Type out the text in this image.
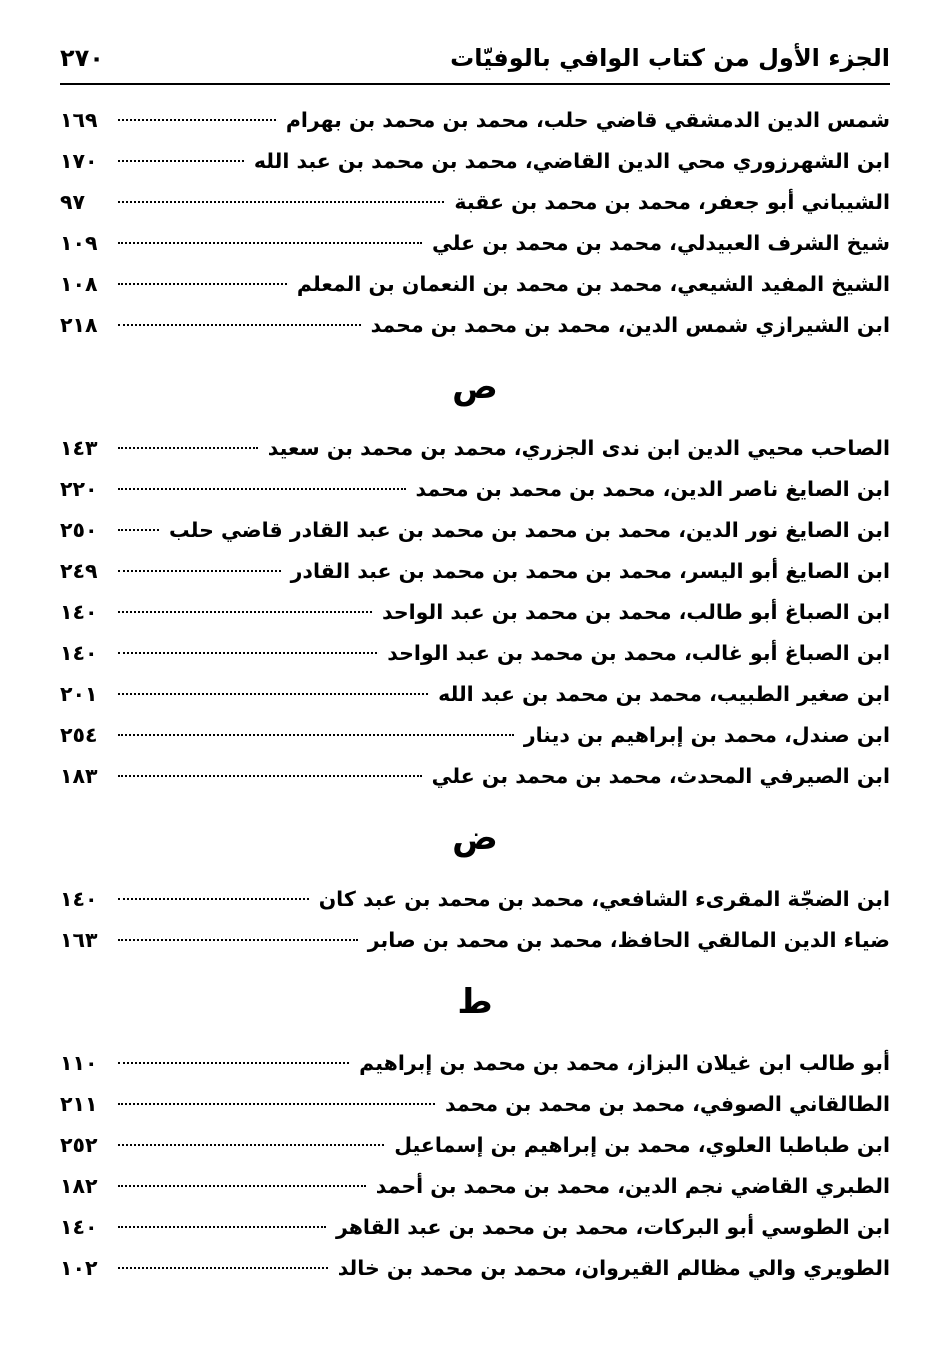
الجزء الأول من كتاب الوافي بالوفيّات
٢٧٠
شمس الدين الدمشقي قاضي حلب، محمد بن محمد بن بهرام
١٦٩
ابن الشهرزوري محي الدين القاضي، محمد بن محمد بن عبد الله
١٧٠
الشيباني أبو جعفر، محمد بن محمد بن عقبة
٩٧
شيخ الشرف العبيدلي، محمد بن محمد بن علي
١٠٩
الشيخ المفيد الشيعي، محمد بن محمد بن النعمان بن المعلم
١٠٨
ابن الشيرازي شمس الدين، محمد بن محمد بن محمد
٢١٨
ص
الصاحب محيي الدين ابن ندى الجزري، محمد بن محمد بن سعيد
١٤٣
ابن الصايغ ناصر الدين، محمد بن محمد بن محمد
٢٢٠
ابن الصايغ نور الدين، محمد بن محمد بن محمد بن عبد القادر قاضي حلب
٢٥٠
ابن الصايغ أبو اليسر، محمد بن محمد بن محمد بن عبد القادر
٢٤٩
ابن الصباغ أبو طالب، محمد بن محمد بن عبد الواحد
١٤٠
ابن الصباغ أبو غالب، محمد بن محمد بن عبد الواحد
١٤٠
ابن صغير الطبيب، محمد بن محمد بن عبد الله
٢٠١
ابن صندل، محمد بن إبراهيم بن دينار
٢٥٤
ابن الصيرفي المحدث، محمد بن محمد بن علي
١٨٣
ض
ابن الضجّة المقرىء الشافعي، محمد بن محمد بن عبد كان
١٤٠
ضياء الدين المالقي الحافظ، محمد بن محمد بن صابر
١٦٣
ط
أبو طالب ابن غيلان البزاز، محمد بن محمد بن إبراهيم
١١٠
الطالقاني الصوفي، محمد بن محمد بن محمد
٢١١
ابن طباطبا العلوي، محمد بن إبراهيم بن إسماعيل
٢٥٢
الطبري القاضي نجم الدين، محمد بن محمد بن أحمد
١٨٢
ابن الطوسي أبو البركات، محمد بن محمد بن عبد القاهر
١٤٠
الطويري والي مظالم القيروان، محمد بن محمد بن خالد
١٠٢
